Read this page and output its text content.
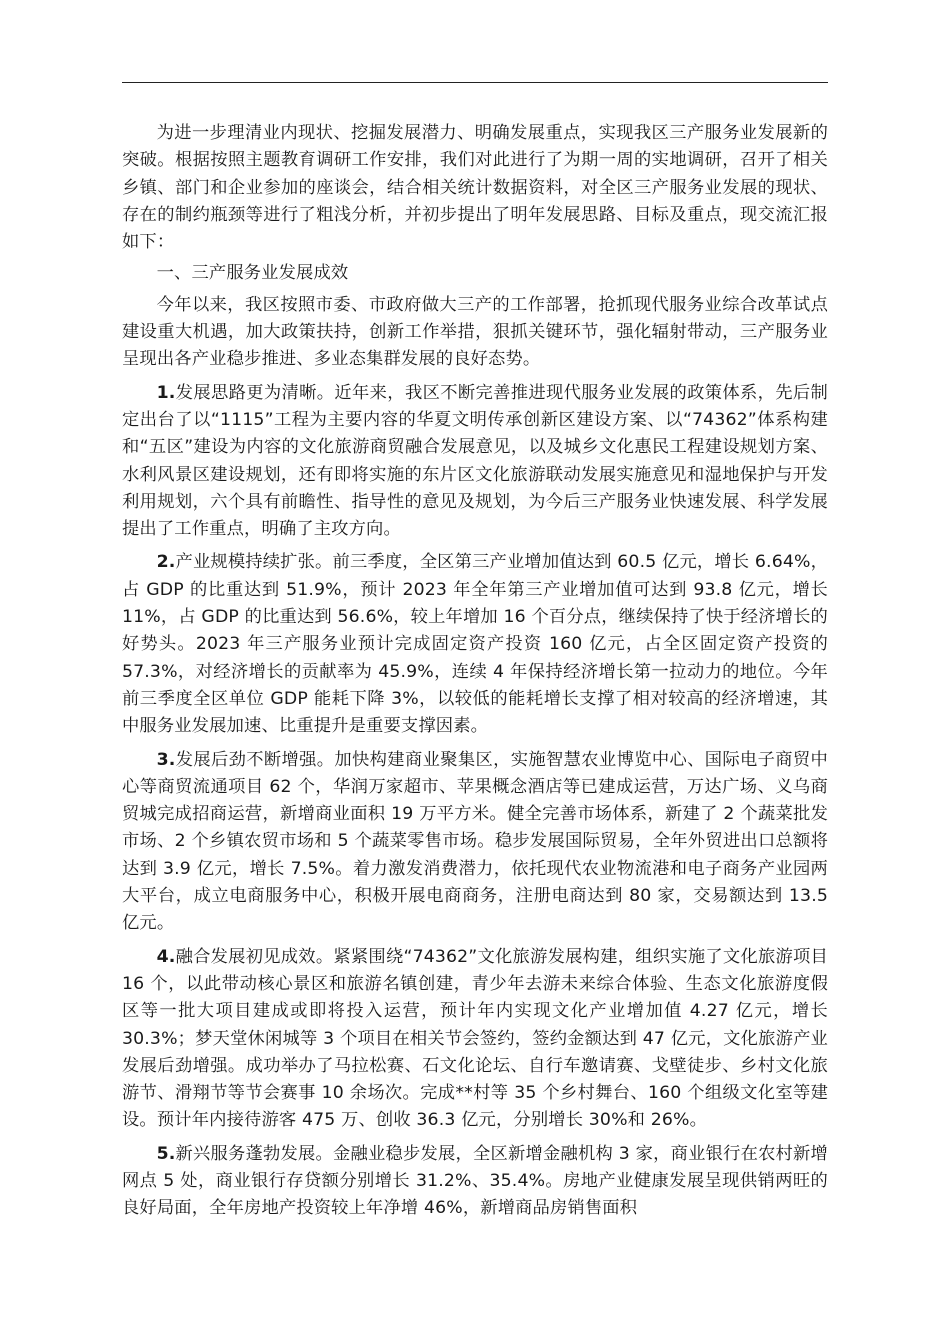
为进一步理清业内现状、挖掘发展潜力、明确发展重点，实现我区三产服务业发展新的突破。根据按照主题教育调研工作安排，我们对此进行了为期一周的实地调研，召开了相关乡镇、部门和企业参加的座谈会，结合相关统计数据资料，对全区三产服务业发展的现状、存在的制约瓶颈等进行了粗浅分析，并初步提出了明年发展思路、目标及重点，现交流汇报如下：

一、三产服务业发展成效

今年以来，我区按照市委、市政府做大三产的工作部署，抢抓现代服务业综合改革试点建设重大机遇，加大政策扶持，创新工作举措，狠抓关键环节，强化辐射带动，三产服务业呈现出各产业稳步推进、多业态集群发展的良好态势。

1.发展思路更为清晰。近年来，我区不断完善推进现代服务业发展的政策体系，先后制定出台了以“1115”工程为主要内容的华夏文明传承创新区建设方案、以“74362”体系构建和“五区”建设为内容的文化旅游商贸融合发展意见，以及城乡文化惠民工程建设规划方案、水利风景区建设规划，还有即将实施的东片区文化旅游联动发展实施意见和湿地保护与开发利用规划，六个具有前瞻性、指导性的意见及规划，为今后三产服务业快速发展、科学发展提出了工作重点，明确了主攻方向。

2.产业规模持续扩张。前三季度，全区第三产业增加值达到 60.5 亿元，增长 6.64%，占 GDP 的比重达到 51.9%，预计 2023 年全年第三产业增加值可达到 93.8 亿元，增长 11%，占 GDP 的比重达到 56.6%，较上年增加 16 个百分点，继续保持了快于经济增长的好势头。2023 年三产服务业预计完成固定资产投资 160 亿元，占全区固定资产投资的 57.3%，对经济增长的贡献率为 45.9%，连续 4 年保持经济增长第一拉动力的地位。今年前三季度全区单位 GDP 能耗下降 3%，以较低的能耗增长支撑了相对较高的经济增速，其中服务业发展加速、比重提升是重要支撑因素。

3.发展后劲不断增强。加快构建商业聚集区，实施智慧农业博览中心、国际电子商贸中心等商贸流通项目 62 个，华润万家超市、苹果概念酒店等已建成运营，万达广场、义乌商贸城完成招商运营，新增商业面积 19 万平方米。健全完善市场体系，新建了 2 个蔬菜批发市场、2 个乡镇农贸市场和 5 个蔬菜零售市场。稳步发展国际贸易，全年外贸进出口总额将达到 3.9 亿元，增长 7.5%。着力激发消费潜力，依托现代农业物流港和电子商务产业园两大平台，成立电商服务中心，积极开展电商商务，注册电商达到 80 家，交易额达到 13.5 亿元。

4.融合发展初见成效。紧紧围绕“74362”文化旅游发展构建，组织实施了文化旅游项目 16 个，以此带动核心景区和旅游名镇创建，青少年去游未来综合体验、生态文化旅游度假区等一批大项目建成或即将投入运营，预计年内实现文化产业增加值 4.27 亿元，增长 30.3%；梦天堂休闲城等 3 个项目在相关节会签约，签约金额达到 47 亿元，文化旅游产业发展后劲增强。成功举办了马拉松赛、石文化论坛、自行车邀请赛、戈壁徒步、乡村文化旅游节、滑翔节等节会赛事 10 余场次。完成**村等 35 个乡村舞台、160 个组级文化室等建设。预计年内接待游客 475 万、创收 36.3 亿元，分别增长 30%和 26%。

5.新兴服务蓬勃发展。金融业稳步发展，全区新增金融机构 3 家，商业银行在农村新增网点 5 处，商业银行存贷额分别增长 31.2%、35.4%。房地产业健康发展呈现供销两旺的良好局面，全年房地产投资较上年净增 46%，新增商品房销售面积
